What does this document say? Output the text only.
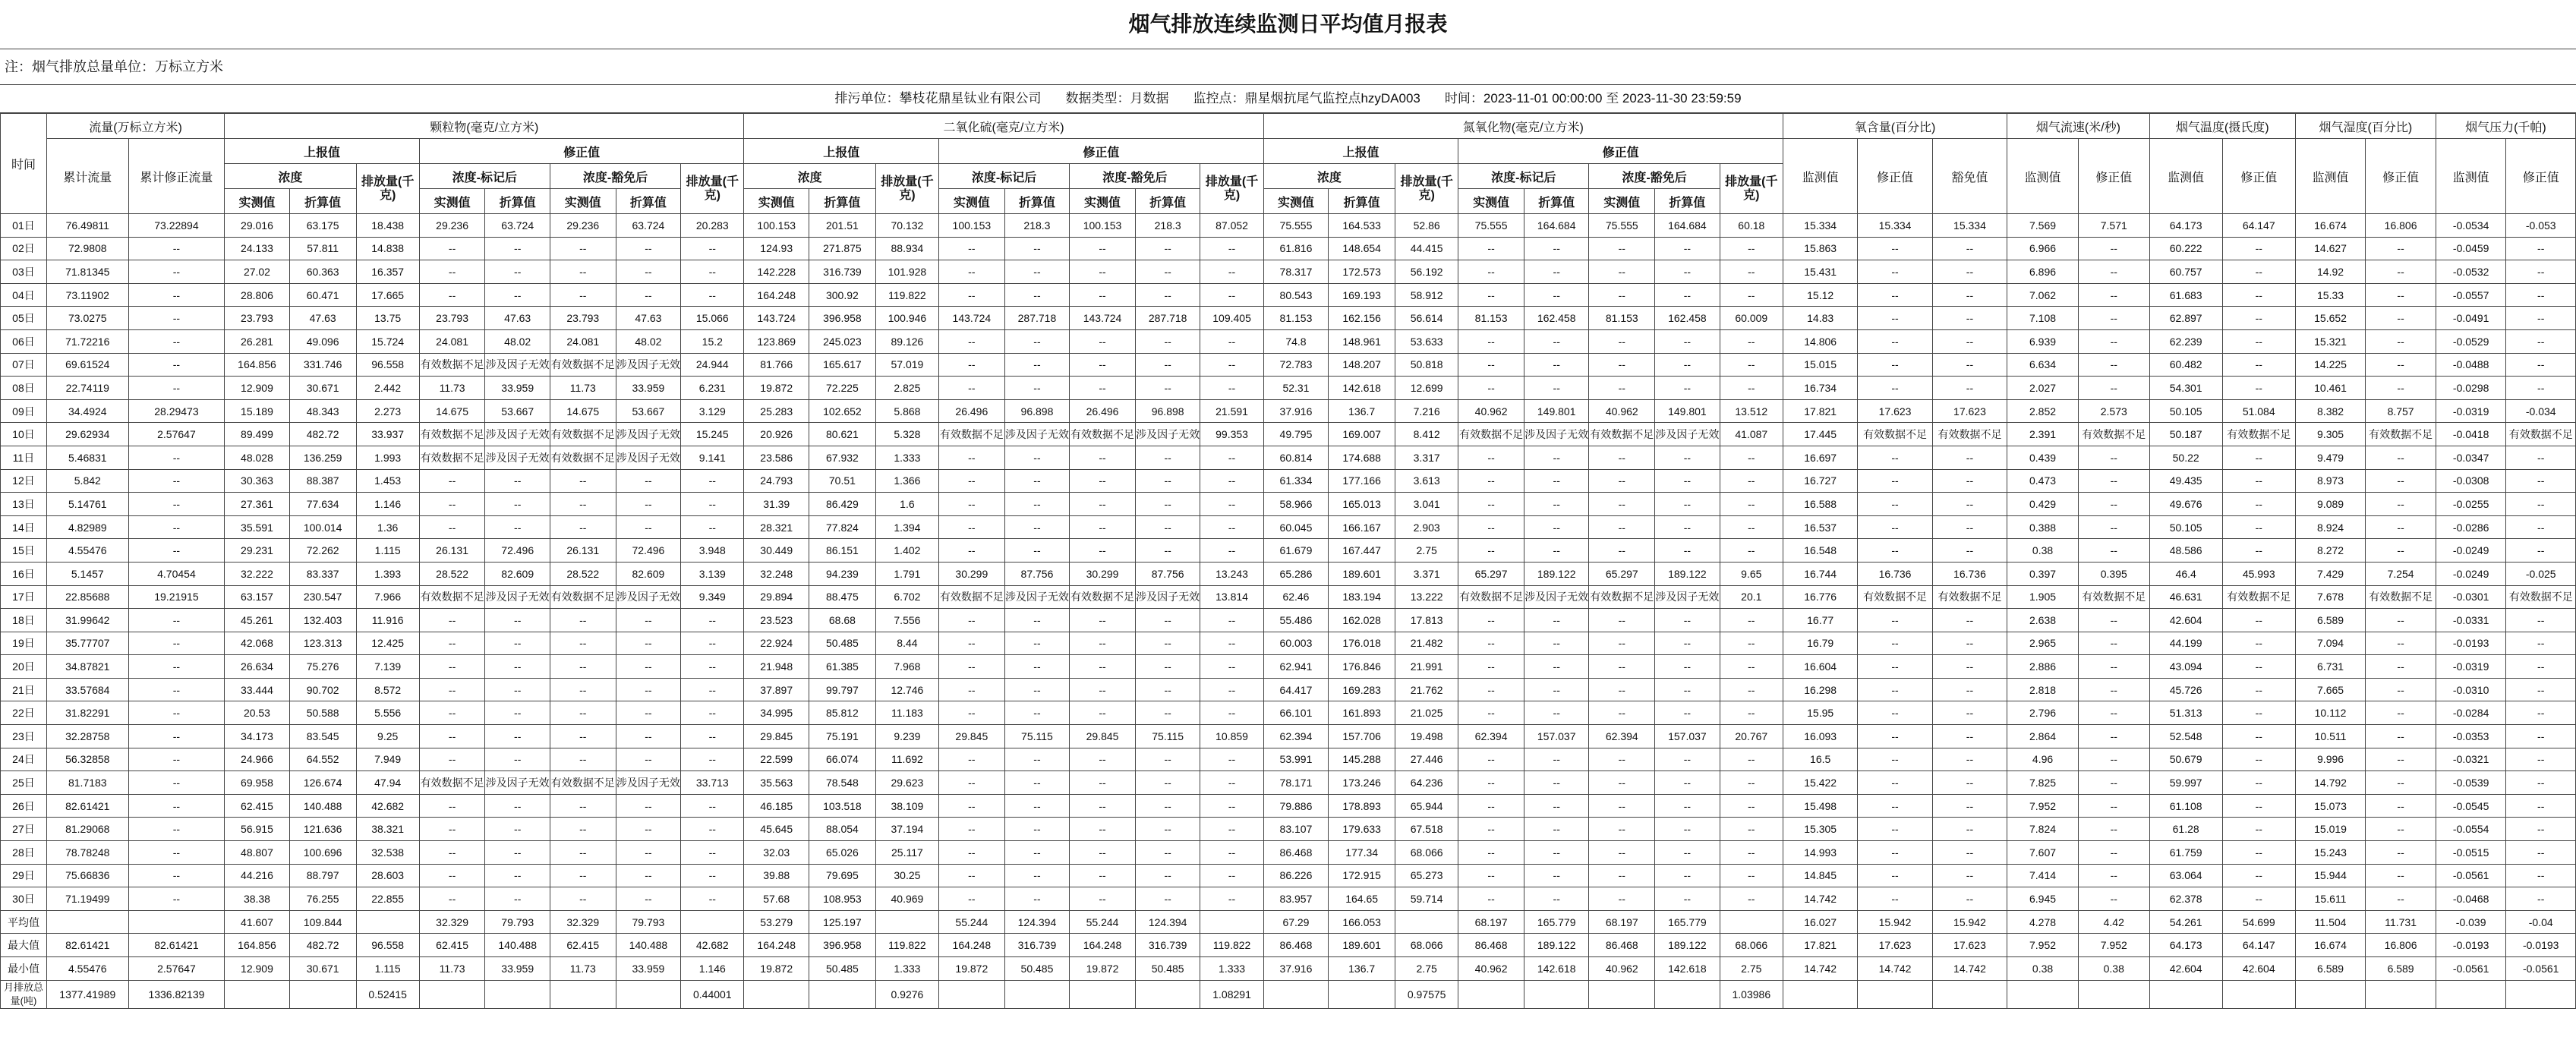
烟气排放连续监测日平均值月报表
注：烟气排放总量单位：万标立方米
排污单位：攀枝花鼎星钛业有限公司 数据类型：月数据 监控点：鼎星烟抗尾气监控点hzyDA003 时间：2023-11-01 00:00:00 至 2023-11-30 23:59:59
时间	流量(万标立方米)		颗粒物(毫克/立方米)								二氧化硫(毫克/立方米)								氮氧化物(毫克/立方米)								氧含量(百分比)			烟气流速(米/秒)		烟气温度(摄氏度)		烟气湿度(百分比)		烟气压力(千帕)	
	累计流量	累计修正流量	上报值			修正值					上报值			修正值					上报值			修正值					监测值	修正值	豁免值	监测值	修正值	监测值	修正值	监测值	修正值	监测值	修正值
			浓度		排放量(千克)	浓度-标记后		浓度-豁免后		排放量(千克)	浓度		排放量(千克)	浓度-标记后		浓度-豁免后		排放量(千克)	浓度		排放量(千克)	浓度-标记后		浓度-豁免后		排放量(千克)											
			实测值	折算值		实测值	折算值	实测值	折算值		实测值	折算值		实测值	折算值	实测值	折算值		实测值	折算值		实测值	折算值	实测值	折算值												
01日	76.49811	73.22894	29.016	63.175	18.438	29.236	63.724	29.236	63.724	20.283	100.153	201.51	70.132	100.153	218.3	100.153	218.3	87.052	75.555	164.533	52.86	75.555	164.684	75.555	164.684	60.18	15.334	15.334	15.334	7.569	7.571	64.173	64.147	16.674	16.806	-0.0534	-0.053
02日	72.9808	--	24.133	57.811	14.838	--	--	--	--	--	124.93	271.875	88.934	--	--	--	--	--	61.816	148.654	44.415	--	--	--	--	--	15.863	--	--	6.966	--	60.222	--	14.627	--	-0.0459	--
03日	71.81345	--	27.02	60.363	16.357	--	--	--	--	--	142.228	316.739	101.928	--	--	--	--	--	78.317	172.573	56.192	--	--	--	--	--	15.431	--	--	6.896	--	60.757	--	14.92	--	-0.0532	--
04日	73.11902	--	28.806	60.471	17.665	--	--	--	--	--	164.248	300.92	119.822	--	--	--	--	--	80.543	169.193	58.912	--	--	--	--	--	15.12	--	--	7.062	--	61.683	--	15.33	--	-0.0557	--
05日	73.0275	--	23.793	47.63	13.75	23.793	47.63	23.793	47.63	15.066	143.724	396.958	100.946	143.724	287.718	143.724	287.718	109.405	81.153	162.156	56.614	81.153	162.458	81.153	162.458	60.009	14.83	--	--	7.108	--	62.897	--	15.652	--	-0.0491	--
06日	71.72216	--	26.281	49.096	15.724	24.081	48.02	24.081	48.02	15.2	123.869	245.023	89.126	--	--	--	--	--	74.8	148.961	53.633	--	--	--	--	--	14.806	--	--	6.939	--	62.239	--	15.321	--	-0.0529	--
07日	69.61524	--	164.856	331.746	96.558	有效数据不足	涉及因子无效	有效数据不足	涉及因子无效	24.944	81.766	165.617	57.019	--	--	--	--	--	72.783	148.207	50.818	--	--	--	--	--	15.015	--	--	6.634	--	60.482	--	14.225	--	-0.0488	--
08日	22.74119	--	12.909	30.671	2.442	11.73	33.959	11.73	33.959	6.231	19.872	72.225	2.825	--	--	--	--	--	52.31	142.618	12.699	--	--	--	--	--	16.734	--	--	2.027	--	54.301	--	10.461	--	-0.0298	--
09日	34.4924	28.29473	15.189	48.343	2.273	14.675	53.667	14.675	53.667	3.129	25.283	102.652	5.868	26.496	96.898	26.496	96.898	21.591	37.916	136.7	7.216	40.962	149.801	40.962	149.801	13.512	17.821	17.623	17.623	2.852	2.573	50.105	51.084	8.382	8.757	-0.0319	-0.034
10日	29.62934	2.57647	89.499	482.72	33.937	有效数据不足	涉及因子无效	有效数据不足	涉及因子无效	15.245	20.926	80.621	5.328	有效数据不足	涉及因子无效	有效数据不足	涉及因子无效	99.353	49.795	169.007	8.412	有效数据不足	涉及因子无效	有效数据不足	涉及因子无效	41.087	17.445	有效数据不足	有效数据不足	2.391	有效数据不足	50.187	有效数据不足	9.305	有效数据不足	-0.0418	有效数据不足
11日	5.46831	--	48.028	136.259	1.993	有效数据不足	涉及因子无效	有效数据不足	涉及因子无效	9.141	23.586	67.932	1.333	--	--	--	--	--	60.814	174.688	3.317	--	--	--	--	--	16.697	--	--	0.439	--	50.22	--	9.479	--	-0.0347	--
12日	5.842	--	30.363	88.387	1.453	--	--	--	--	--	24.793	70.51	1.366	--	--	--	--	--	61.334	177.166	3.613	--	--	--	--	--	16.727	--	--	0.473	--	49.435	--	8.973	--	-0.0308	--
13日	5.14761	--	27.361	77.634	1.146	--	--	--	--	--	31.39	86.429	1.6	--	--	--	--	--	58.966	165.013	3.041	--	--	--	--	--	16.588	--	--	0.429	--	49.676	--	9.089	--	-0.0255	--
14日	4.82989	--	35.591	100.014	1.36	--	--	--	--	--	28.321	77.824	1.394	--	--	--	--	--	60.045	166.167	2.903	--	--	--	--	--	16.537	--	--	0.388	--	50.105	--	8.924	--	-0.0286	--
15日	4.55476	--	29.231	72.262	1.115	26.131	72.496	26.131	72.496	3.948	30.449	86.151	1.402	--	--	--	--	--	61.679	167.447	2.75	--	--	--	--	--	16.548	--	--	0.38	--	48.586	--	8.272	--	-0.0249	--
16日	5.1457	4.70454	32.222	83.337	1.393	28.522	82.609	28.522	82.609	3.139	32.248	94.239	1.791	30.299	87.756	30.299	87.756	13.243	65.286	189.601	3.371	65.297	189.122	65.297	189.122	9.65	16.744	16.736	16.736	0.397	0.395	46.4	45.993	7.429	7.254	-0.0249	-0.025
17日	22.85688	19.21915	63.157	230.547	7.966	有效数据不足	涉及因子无效	有效数据不足	涉及因子无效	9.349	29.894	88.475	6.702	有效数据不足	涉及因子无效	有效数据不足	涉及因子无效	13.814	62.46	183.194	13.222	有效数据不足	涉及因子无效	有效数据不足	涉及因子无效	20.1	16.776	有效数据不足	有效数据不足	1.905	有效数据不足	46.631	有效数据不足	7.678	有效数据不足	-0.0301	有效数据不足
18日	31.99642	--	45.261	132.403	11.916	--	--	--	--	--	23.523	68.68	7.556	--	--	--	--	--	55.486	162.028	17.813	--	--	--	--	--	16.77	--	--	2.638	--	42.604	--	6.589	--	-0.0331	--
19日	35.77707	--	42.068	123.313	12.425	--	--	--	--	--	22.924	50.485	8.44	--	--	--	--	--	60.003	176.018	21.482	--	--	--	--	--	16.79	--	--	2.965	--	44.199	--	7.094	--	-0.0193	--
20日	34.87821	--	26.634	75.276	7.139	--	--	--	--	--	21.948	61.385	7.968	--	--	--	--	--	62.941	176.846	21.991	--	--	--	--	--	16.604	--	--	2.886	--	43.094	--	6.731	--	-0.0319	--
21日	33.57684	--	33.444	90.702	8.572	--	--	--	--	--	37.897	99.797	12.746	--	--	--	--	--	64.417	169.283	21.762	--	--	--	--	--	16.298	--	--	2.818	--	45.726	--	7.665	--	-0.0310	--
22日	31.82291	--	20.53	50.588	5.556	--	--	--	--	--	34.995	85.812	11.183	--	--	--	--	--	66.101	161.893	21.025	--	--	--	--	--	15.95	--	--	2.796	--	51.313	--	10.112	--	-0.0284	--
23日	32.28758	--	34.173	83.545	9.25	--	--	--	--	--	29.845	75.191	9.239	29.845	75.115	29.845	75.115	10.859	62.394	157.706	19.498	62.394	157.037	62.394	157.037	20.767	16.093	--	--	2.864	--	52.548	--	10.511	--	-0.0353	--
24日	56.32858	--	24.966	64.552	7.949	--	--	--	--	--	22.599	66.074	11.692	--	--	--	--	--	53.991	145.288	27.446	--	--	--	--	--	16.5	--	--	4.96	--	50.679	--	9.996	--	-0.0321	--
25日	81.7183	--	69.958	126.674	47.94	有效数据不足	涉及因子无效	有效数据不足	涉及因子无效	33.713	35.563	78.548	29.623	--	--	--	--	--	78.171	173.246	64.236	--	--	--	--	--	15.422	--	--	7.825	--	59.997	--	14.792	--	-0.0539	--
26日	82.61421	--	62.415	140.488	42.682	--	--	--	--	--	46.185	103.518	38.109	--	--	--	--	--	79.886	178.893	65.944	--	--	--	--	--	15.498	--	--	7.952	--	61.108	--	15.073	--	-0.0545	--
27日	81.29068	--	56.915	121.636	38.321	--	--	--	--	--	45.645	88.054	37.194	--	--	--	--	--	83.107	179.633	67.518	--	--	--	--	--	15.305	--	--	7.824	--	61.28	--	15.019	--	-0.0554	--
28日	78.78248	--	48.807	100.696	32.538	--	--	--	--	--	32.03	65.026	25.117	--	--	--	--	--	86.468	177.34	68.066	--	--	--	--	--	14.993	--	--	7.607	--	61.759	--	15.243	--	-0.0515	--
29日	75.66836	--	44.216	88.797	28.603	--	--	--	--	--	39.88	79.695	30.25	--	--	--	--	--	86.226	172.915	65.273	--	--	--	--	--	14.845	--	--	7.414	--	63.064	--	15.944	--	-0.0561	--
30日	71.19499	--	38.38	76.255	22.855	--	--	--	--	--	57.68	108.953	40.969	--	--	--	--	--	83.957	164.65	59.714	--	--	--	--	--	14.742	--	--	6.945	--	62.378	--	15.611	--	-0.0468	--
平均值			41.607	109.844		32.329	79.793	32.329	79.793		53.279	125.197		55.244	124.394	55.244	124.394		67.29	166.053		68.197	165.779	68.197	165.779		16.027	15.942	15.942	4.278	4.42	54.261	54.699	11.504	11.731	-0.039	-0.04
最大值	82.61421	82.61421	164.856	482.72	96.558	62.415	140.488	62.415	140.488	42.682	164.248	396.958	119.822	164.248	316.739	164.248	316.739	119.822	86.468	189.601	68.066	86.468	189.122	86.468	189.122	68.066	17.821	17.623	17.623	7.952	7.952	64.173	64.147	16.674	16.806	-0.0193	-0.0193
最小值	4.55476	2.57647	12.909	30.671	1.115	11.73	33.959	11.73	33.959	1.146	19.872	50.485	1.333	19.872	50.485	19.872	50.485	1.333	37.916	136.7	2.75	40.962	142.618	40.962	142.618	2.75	14.742	14.742	14.742	0.38	0.38	42.604	42.604	6.589	6.589	-0.0561	-0.0561
月排放总量(吨)	1377.41989	1336.82139			0.52415					0.44001			0.9276					1.08291			0.97575					1.03986											
